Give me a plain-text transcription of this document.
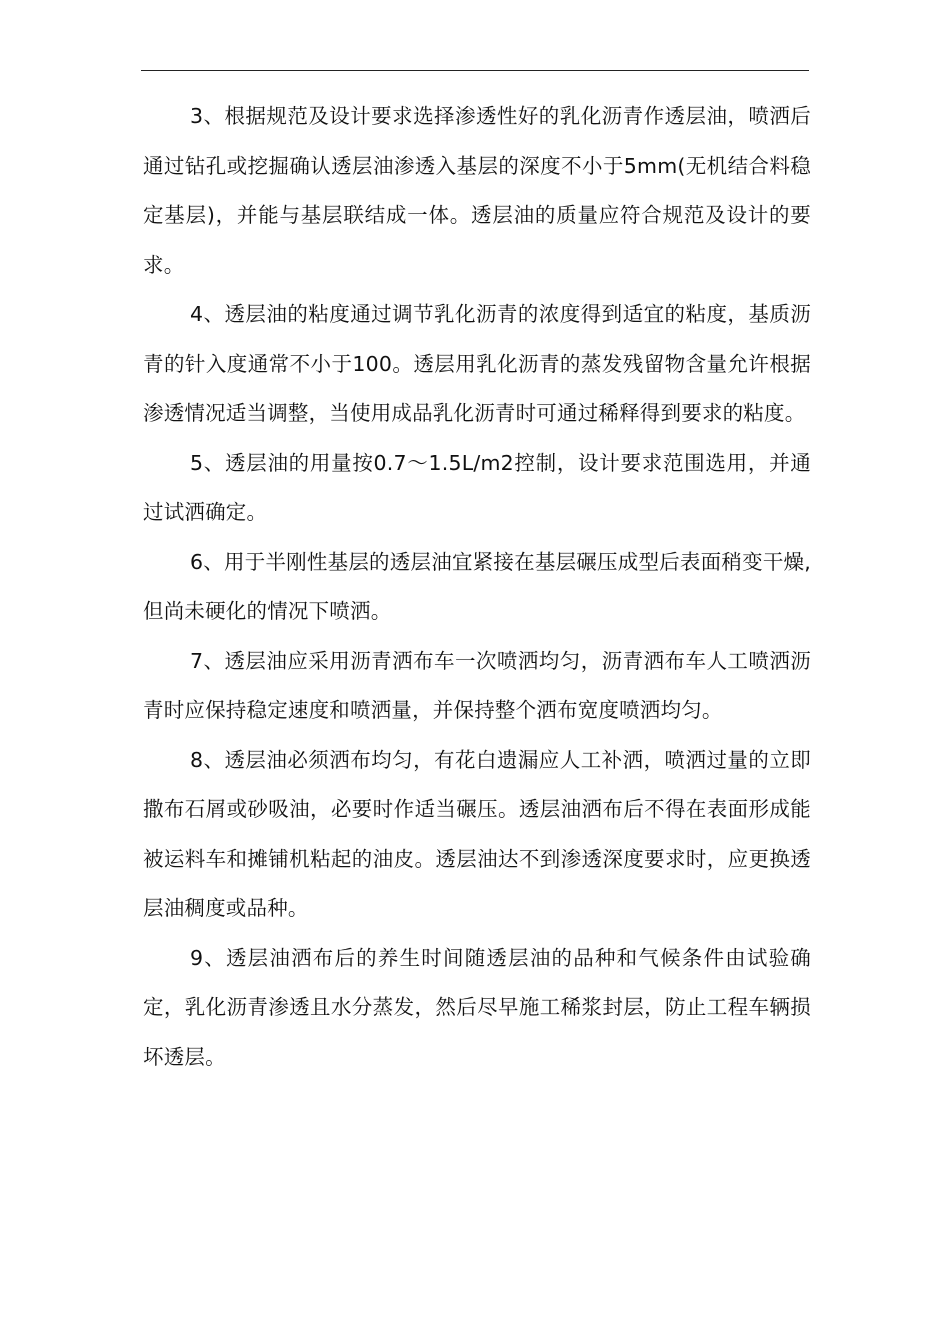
3、根据规范及设计要求选择渗透性好的乳化沥青作透层油，喷洒后通过钻孔或挖掘确认透层油渗透入基层的深度不小于5mm(无机结合料稳定基层)，并能与基层联结成一体。透层油的质量应符合规范及设计的要求。

4、透层油的粘度通过调节乳化沥青的浓度得到适宜的粘度，基质沥青的针入度通常不小于100。透层用乳化沥青的蒸发残留物含量允许根据渗透情况适当调整，当使用成品乳化沥青时可通过稀释得到要求的粘度。

5、透层油的用量按0.7～1.5L/m2控制，设计要求范围选用，并通过试洒确定。

6、用于半刚性基层的透层油宜紧接在基层碾压成型后表面稍变干燥,但尚未硬化的情况下喷洒。

7、透层油应采用沥青洒布车一次喷洒均匀，沥青洒布车人工喷洒沥青时应保持稳定速度和喷洒量，并保持整个洒布宽度喷洒均匀。

8、透层油必须洒布均匀，有花白遗漏应人工补洒，喷洒过量的立即撒布石屑或砂吸油，必要时作适当碾压。透层油洒布后不得在表面形成能被运料车和摊铺机粘起的油皮。透层油达不到渗透深度要求时，应更换透层油稠度或品种。

9、透层油洒布后的养生时间随透层油的品种和气候条件由试验确定，乳化沥青渗透且水分蒸发，然后尽早施工稀浆封层，防止工程车辆损坏透层。
